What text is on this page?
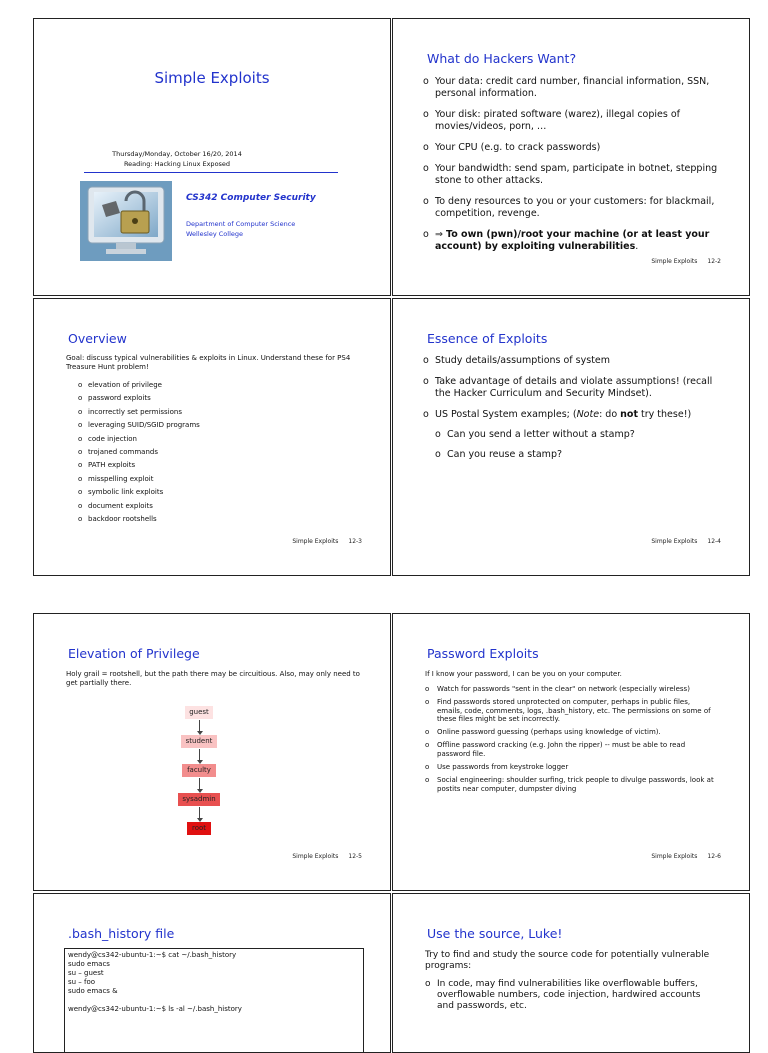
Simple Exploits
Thursday/Monday, October 16/20, 2014
Reading: Hacking Linux Exposed
CS342 Computer Security
Department of Computer Science
Wellesley College
What do Hackers Want?
o Your data: credit card number, financial information, SSN, personal information.
o Your disk: pirated software (warez), illegal copies of movies/videos, porn, …
o Your CPU (e.g. to crack passwords)
o Your bandwidth: send spam, participate in botnet, stepping stone to other attacks.
o To deny resources to you or your customers: for blackmail, competition, revenge.
o ⇒ To own (pwn)/root your machine (or at least your account) by exploiting vulnerabilities.
Simple Exploits 12-2
Overview
Goal: discuss typical vulnerabilities & exploits in Linux. Understand these for PS4 Treasure Hunt problem!
o elevation of privilege
o password exploits
o incorrectly set permissions
o leveraging SUID/SGID programs
o code injection
o trojaned commands
o PATH exploits
o misspelling exploit
o symbolic link exploits
o document exploits
o backdoor rootshells
Simple Exploits 12-3
Essence of Exploits
o Study details/assumptions of system
o Take advantage of details and violate assumptions! (recall the Hacker Curriculum and Security Mindset).
o US Postal System examples; (Note: do not try these!)
o Can you send a letter without a stamp?
o Can you reuse a stamp?
Simple Exploits 12-4
Elevation of Privilege
Holy grail = rootshell, but the path there may be circuitious. Also, may only need to get partially there.
guest
student
faculty
sysadmin
root
Simple Exploits 12-5
Password Exploits
If I know your password, I can be you on your computer.
o Watch for passwords "sent in the clear" on network (especially wireless)
o Find passwords stored unprotected on computer, perhaps in public files, emails, code, comments, logs, .bash_history, etc. The permissions on some of these files might be set incorrectly.
o Online password guessing (perhaps using knowledge of victim).
o Offline password cracking (e.g. John the ripper) -- must be able to read password file.
o Use passwords from keystroke logger
o Social engineering: shoulder surfing, trick people to divulge passwords, look at postits near computer, dumpster diving
Simple Exploits 12-6
.bash_history file
wendy@cs342-ubuntu-1:~$ cat ~/.bash_history
sudo emacs
su – guest
su – foo
sudo emacs &
wendy@cs342-ubuntu-1:~$ ls -al ~/.bash_history
Use the source, Luke!
Try to find and study the source code for potentially vulnerable programs:
o In code, may find vulnerabilities like overflowable buffers, overflowable numbers, code injection, hardwired accounts and passwords, etc.
